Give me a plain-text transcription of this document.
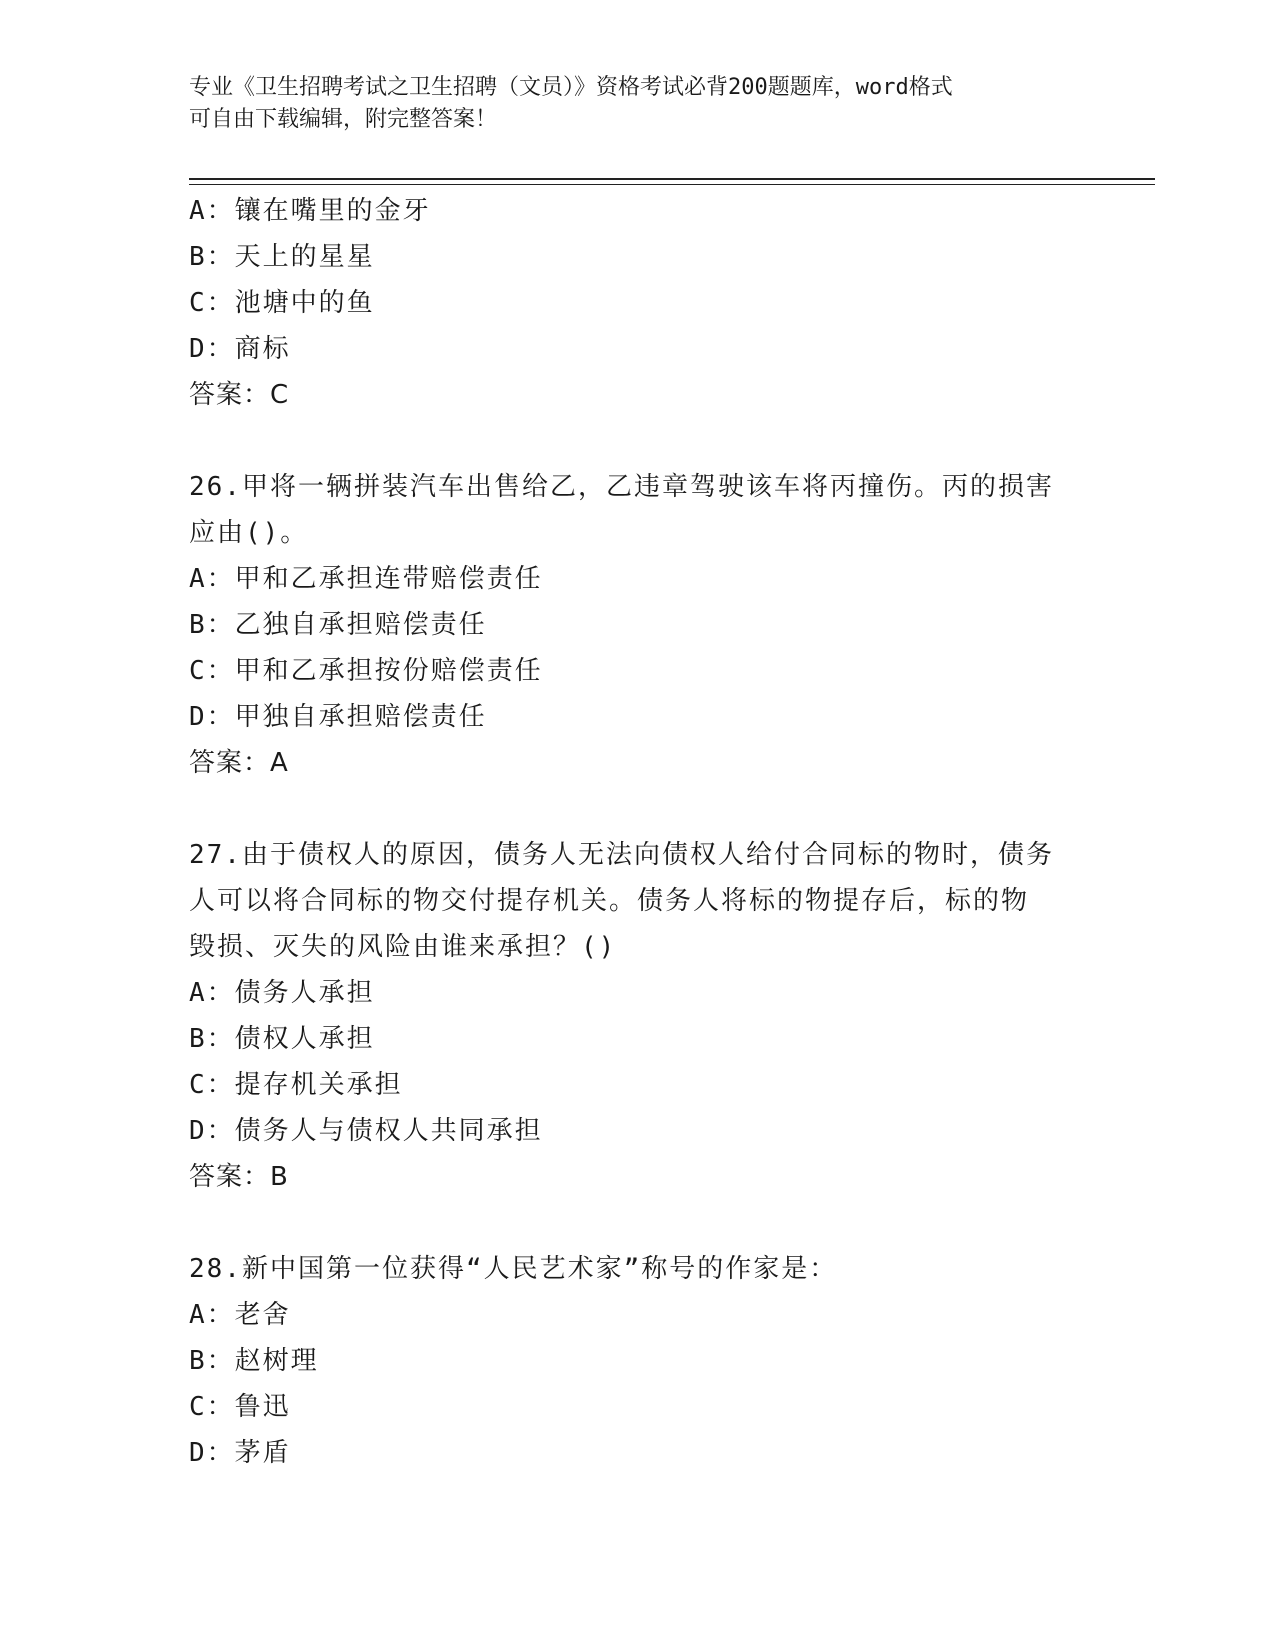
专业《卫生招聘考试之卫生招聘（文员）》资格考试必背200题题库，word格式
可自由下载编辑，附完整答案！
A：镶在嘴里的金牙
B：天上的星星
C：池塘中的鱼
D：商标
答案：C
26.甲将一辆拼装汽车出售给乙，乙违章驾驶该车将丙撞伤。丙的损害
应由()。
A：甲和乙承担连带赔偿责任
B：乙独自承担赔偿责任
C：甲和乙承担按份赔偿责任
D：甲独自承担赔偿责任
答案：A
27.由于债权人的原因，债务人无法向债权人给付合同标的物时，债务
人可以将合同标的物交付提存机关。债务人将标的物提存后，标的物
毁损、灭失的风险由谁来承担？()
A：债务人承担
B：债权人承担
C：提存机关承担
D：债务人与债权人共同承担
答案：B
28.新中国第一位获得“人民艺术家”称号的作家是：
A：老舍
B：赵树理
C：鲁迅
D：茅盾
